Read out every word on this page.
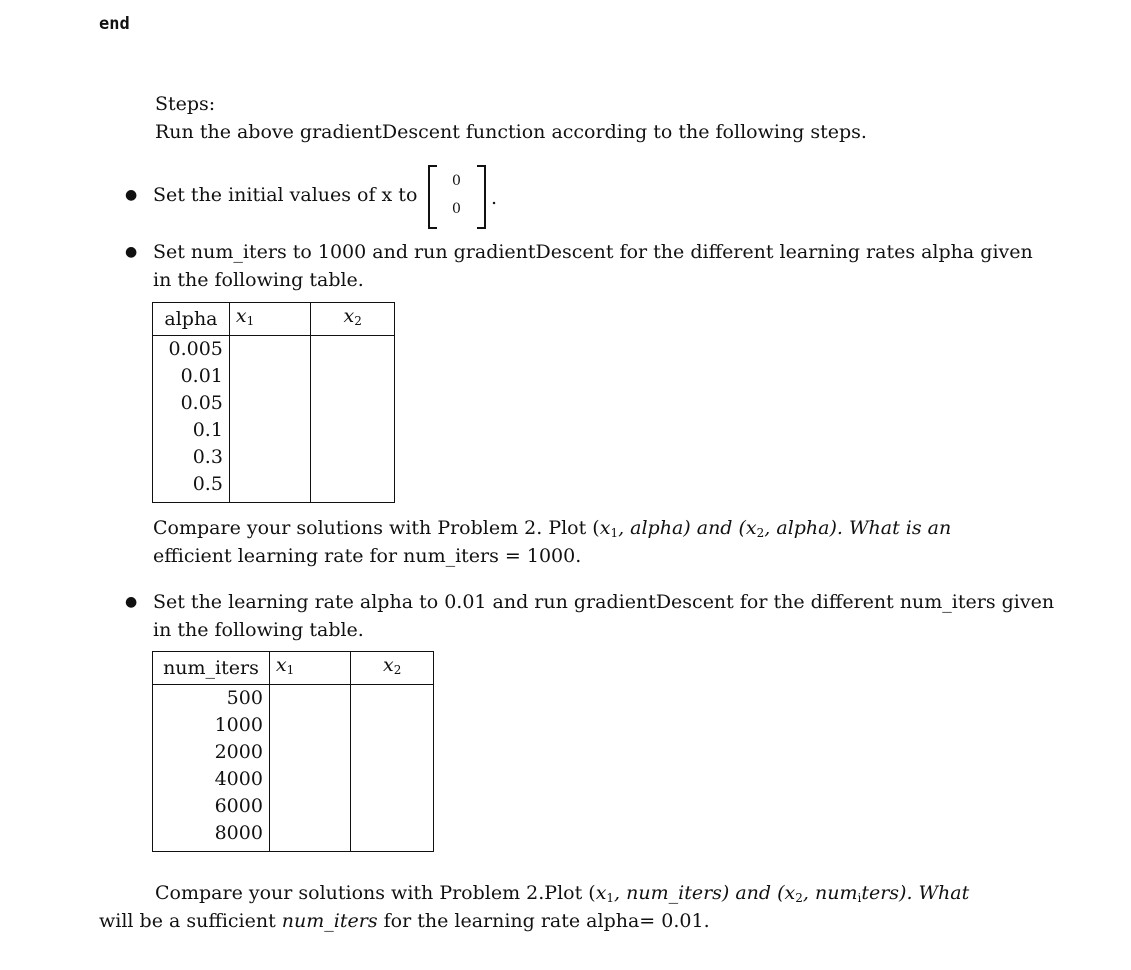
end

Steps:

Run the above gradientDescent function according to the following steps.

● Set the initial values of x to

0
0 .
● Set num_iters to 1000 and run gradientDescent for the different learning rates alpha given

in the following table.

alpha	$x_1$	$x_2$
0.005		
0.01		
0.05		
0.1		
0.3		
0.5		

Compare your solutions with Problem 2. Plot ($x_1$, alpha) and ($x_2$, alpha). What is an

efficient learning rate for num_iters = 1000.

● Set the learning rate alpha to 0.01 and run gradientDescent for the different num_iters given

in the following table.

num_iters	$x_1$	$x_2$
500		
1000		
2000		
4000		
6000		
8000		

Compare your solutions with Problem 2.Plot ($x_1$, num_iters) and ($x_2$, num$_i$ters). What

will be a sufficient num_iters for the learning rate alpha= 0.01.
